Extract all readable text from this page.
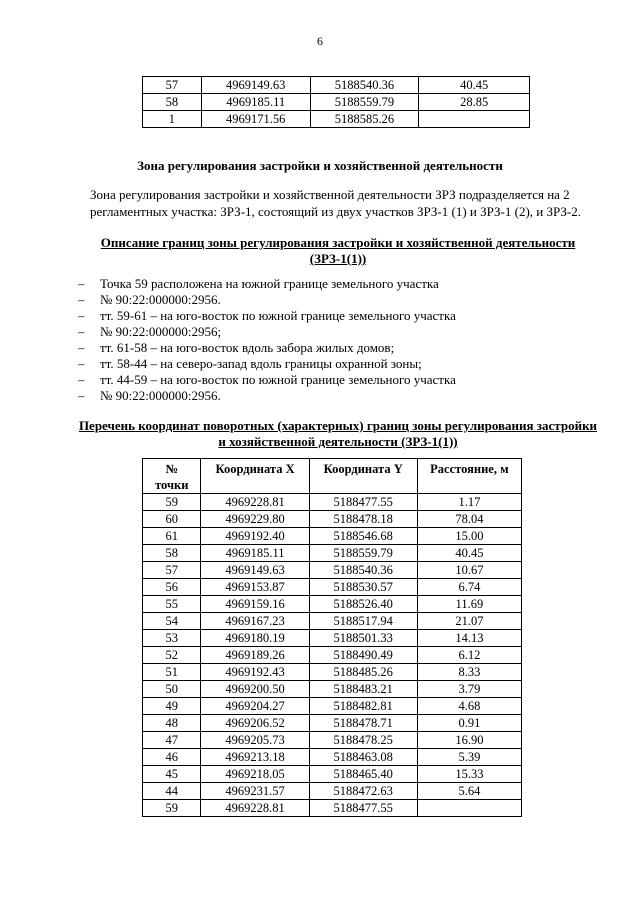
6
57	4969149.63	5188540.36	40.45
58	4969185.11	5188559.79	28.85
1	4969171.56	5188585.26	
Зона регулирования застройки и хозяйственной деятельности

Зона регулирования застройки и хозяйственной деятельности ЗРЗ подразделяется на 2 регламентных участка: ЗРЗ-1, состоящий из двух участков ЗРЗ-1 (1) и ЗРЗ-1 (2), и ЗРЗ-2.

Описание границ зоны регулирования застройки и хозяйственной деятельности
(ЗРЗ-1(1))
– Точка 59 расположена на южной границе земельного участка
– № 90:22:000000:2956.
– тт. 59-61 – на юго-восток по южной границе земельного участка
– № 90:22:000000:2956;
– тт. 61-58 – на юго-восток вдоль забора жилых домов;
– тт. 58-44 – на северо-запад вдоль границы охранной зоны;
– тт. 44-59 – на юго-восток по южной границе земельного участка
– № 90:22:000000:2956.
Перечень координат поворотных (характерных) границ зоны регулирования застройки
и хозяйственной деятельности (ЗРЗ-1(1))
№
точки	Координата X	Координата Y	Расстояние, м
59	4969228.81	5188477.55	1.17
60	4969229.80	5188478.18	78.04
61	4969192.40	5188546.68	15.00
58	4969185.11	5188559.79	40.45
57	4969149.63	5188540.36	10.67
56	4969153.87	5188530.57	6.74
55	4969159.16	5188526.40	11.69
54	4969167.23	5188517.94	21.07
53	4969180.19	5188501.33	14.13
52	4969189.26	5188490.49	6.12
51	4969192.43	5188485.26	8.33
50	4969200.50	5188483.21	3.79
49	4969204.27	5188482.81	4.68
48	4969206.52	5188478.71	0.91
47	4969205.73	5188478.25	16.90
46	4969213.18	5188463.08	5.39
45	4969218.05	5188465.40	15.33
44	4969231.57	5188472.63	5.64
59	4969228.81	5188477.55	
